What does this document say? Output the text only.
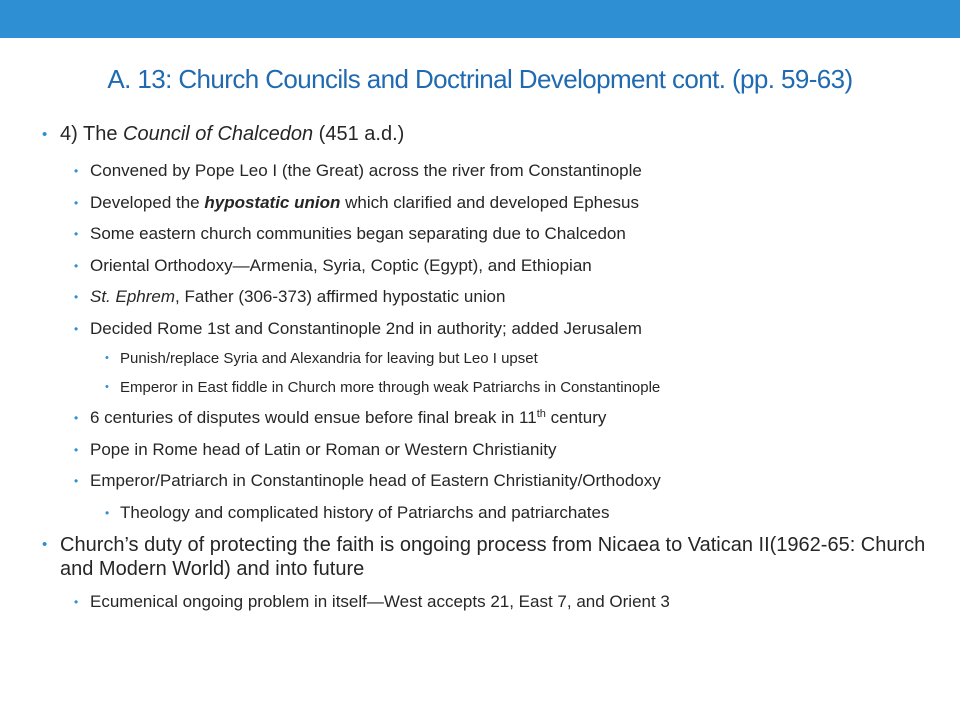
A. 13: Church Councils and Doctrinal Development cont. (pp. 59-63)
• 4) The Council of Chalcedon (451 a.d.)
• Convened by Pope Leo I (the Great) across the river from Constantinople
• Developed the hypostatic union which clarified and developed Ephesus
• Some eastern church communities began separating due to Chalcedon
• Oriental Orthodoxy—Armenia, Syria, Coptic (Egypt), and Ethiopian
• St. Ephrem, Father (306-373) affirmed hypostatic union
• Decided Rome 1st and Constantinople 2nd in authority; added Jerusalem
• Punish/replace Syria and Alexandria for leaving but Leo I upset
• Emperor in East fiddle in Church more through weak Patriarchs in Constantinople
• 6 centuries of disputes would ensue before final break in 11th century
• Pope in Rome head of Latin or Roman or Western Christianity
• Emperor/Patriarch in Constantinople head of Eastern Christianity/Orthodoxy
• Theology and complicated history of Patriarchs and patriarchates
• Church’s duty of protecting the faith is ongoing process from Nicaea to Vatican II(1962-65: Church and Modern World) and into future
• Ecumenical ongoing problem in itself—West accepts 21, East 7, and Orient 3
